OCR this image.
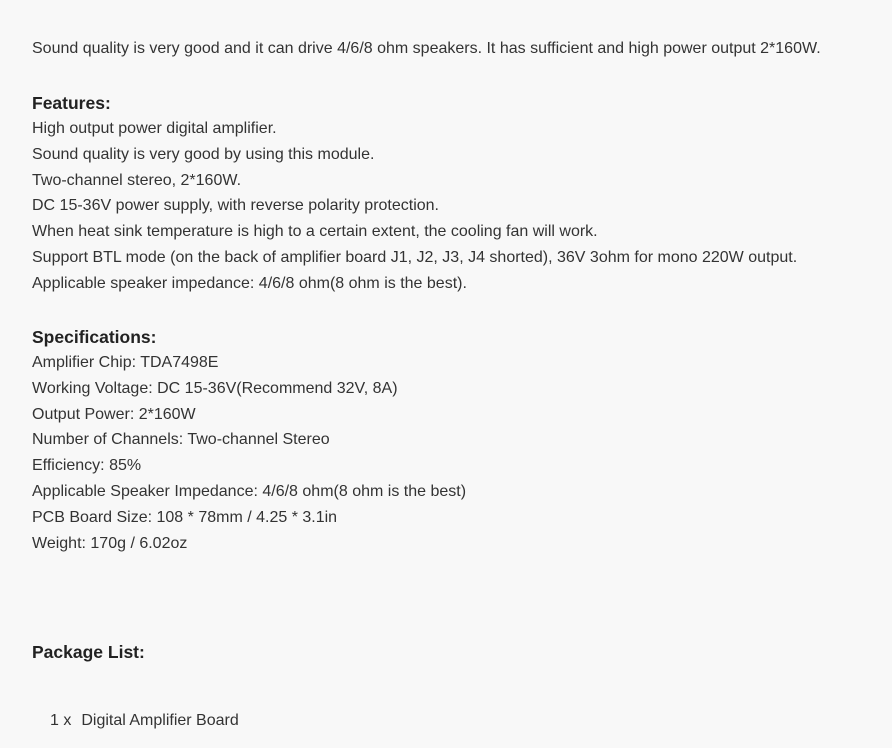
Sound quality is very good and it can drive 4/6/8 ohm speakers. It has sufficient and high power output 2*160W.
Features:
High output power digital amplifier.
Sound quality is very good by using this module.
Two-channel stereo, 2*160W.
DC 15-36V power supply, with reverse polarity protection.
When heat sink temperature is high to a certain extent, the cooling fan will work.
Support BTL mode (on the back of amplifier board J1, J2, J3, J4 shorted), 36V 3ohm for mono 220W output.
Applicable speaker impedance: 4/6/8 ohm(8 ohm is the best).
Specifications:
Amplifier Chip: TDA7498E
Working Voltage: DC 15-36V(Recommend 32V, 8A)
Output Power: 2*160W
Number of Channels: Two-channel Stereo
Efficiency: 85%
Applicable Speaker Impedance: 4/6/8 ohm(8 ohm is the best)
PCB Board Size: 108 * 78mm / 4.25 * 3.1in
Weight: 170g / 6.02oz
Package List:
1 x Digital Amplifier Board
